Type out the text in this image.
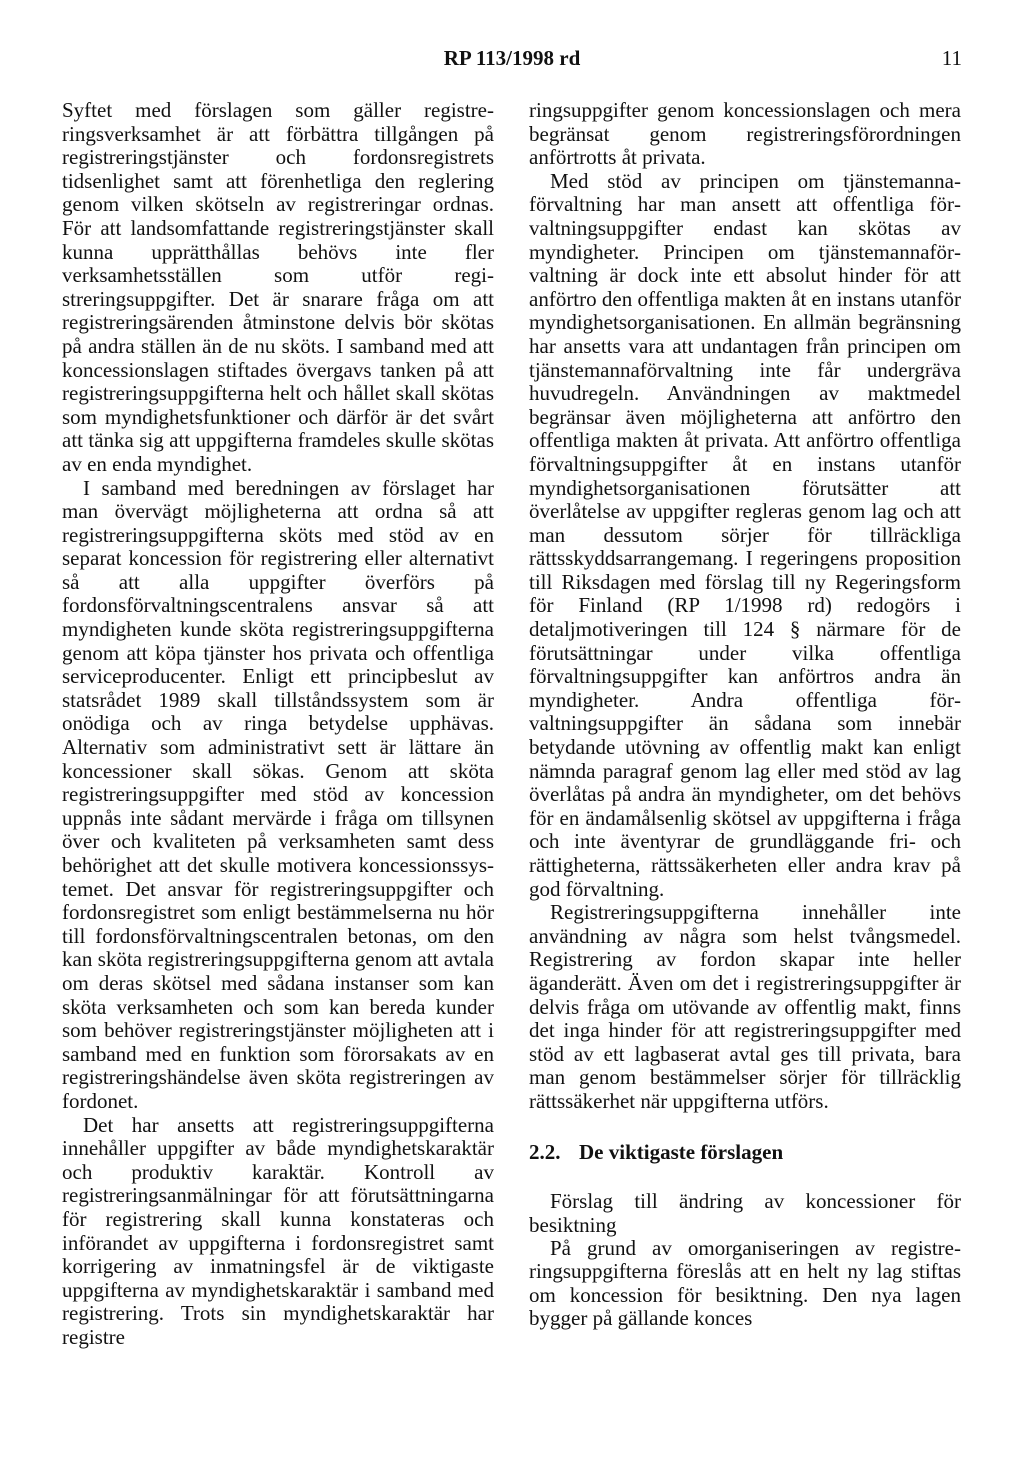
RP 113/1998 rd	11

Syftet med förslagen som gäller registreringsverksamhet är att förbättra tillgången på registreringstjänster och fordonsregistrets tidsenlighet samt att förenhetliga den reglering genom vilken skötseln av registreringar ordnas. För att landsomfattande registreringstjänster skall kunna upprätthållas behövs inte fler verksamhetsställen som utför registreringsuppgifter. Det är snarare fråga om att registreringsärenden åtminstone delvis bör skötas på andra ställen än de nu sköts. I samband med att koncessionslagen stiftades övergavs tanken på att registreringsuppgifterna helt och hållet skall skötas som myndighetsfunktioner och därför är det svårt att tänka sig att uppgifterna framdeles skulle skötas av en enda myndighet.

I samband med beredningen av förslaget har man övervägt möjligheterna att ordna så att registreringsuppgifterna sköts med stöd av en separat koncession för registrering eller alternativt så att alla uppgifter överförs på fordonsförvaltningscentralens ansvar så att myndigheten kunde sköta registreringsuppgifterna genom att köpa tjänster hos privata och offentliga serviceproducenter. Enligt ett principbeslut av statsrådet 1989 skall tillståndssystem som är onödiga och av ringa betydelse upphävas. Alternativ som administrativt sett är lättare än koncessioner skall sökas. Genom att sköta registreringsuppgifter med stöd av koncession uppnås inte sådant mervärde i fråga om tillsynen över och kvaliteten på verksamheten samt dess behörighet att det skulle motivera koncessionssystemet. Det ansvar för registreringsuppgifter och fordonsregistret som enligt bestämmelserna nu hör till fordonsförvaltningscentralen betonas, om den kan sköta registreringsuppgifterna genom att avtala om deras skötsel med sådana instanser som kan sköta verksamheten och som kan bereda kunder som behöver registreringstjänster möjligheten att i samband med en funktion som förorsakats av en registreringshändelse även sköta registreringen av fordonet.

Det har ansetts att registreringsuppgifterna innehåller uppgifter av både myndighetskaraktär och produktiv karaktär. Kontroll av registreringsanmälningar för att förutsättningarna för registrering skall kunna konstateras och införandet av uppgifterna i fordonsregistret samt korrigering av inmatningsfel är de viktigaste uppgifterna av myndighetskaraktär i samband med registrering. Trots sin myndighetskaraktär har registre

ringsuppgifter genom koncessionslagen och mera begränsat genom registreringsförordningen anförtrotts åt privata.

Med stöd av principen om tjänstemannaförvaltning har man ansett att offentliga förvaltningsuppgifter endast kan skötas av myndigheter. Principen om tjänstemannaförvaltning är dock inte ett absolut hinder för att anförtro den offentliga makten åt en instans utanför myndighetsorganisationen. En allmän begränsning har ansetts vara att undantagen från principen om tjänstemannaförvaltning inte får undergräva huvudregeln. Användningen av maktmedel begränsar även möjligheterna att anförtro den offentliga makten åt privata. Att anförtro offentliga förvaltningsuppgifter åt en instans utanför myndighetsorganisationen förutsätter att överlåtelse av uppgifter regleras genom lag och att man dessutom sörjer för tillräckliga rättsskyddsarrangemang. I regeringens proposition till Riksdagen med förslag till ny Regeringsform för Finland (RP 1/1998 rd) redogörs i detaljmotiveringen till 124 § närmare för de förutsättningar under vilka offentliga förvaltningsuppgifter kan anförtros andra än myndigheter. Andra offentliga förvaltningsuppgifter än sådana som innebär betydande utövning av offentlig makt kan enligt nämnda paragraf genom lag eller med stöd av lag överlåtas på andra än myndigheter, om det behövs för en ändamålsenlig skötsel av uppgifterna i fråga och inte äventyrar de grundläggande fri- och rättigheterna, rättssäkerheten eller andra krav på god förvaltning.

Registreringsuppgifterna innehåller inte användning av några som helst tvångsmedel. Registrering av fordon skapar inte heller äganderätt. Även om det i registreringsuppgifter är delvis fråga om utövande av offentlig makt, finns det inga hinder för att registreringsuppgifter med stöd av ett lagbaserat avtal ges till privata, bara man genom bestämmelser sörjer för tillräcklig rättssäkerhet när uppgifterna utförs.

2.2. De viktigaste förslagen

Förslag till ändring av koncessioner för besiktning

På grund av omorganiseringen av registreringsuppgifterna föreslås att en helt ny lag stiftas om koncession för besiktning. Den nya lagen bygger på gällande konces
